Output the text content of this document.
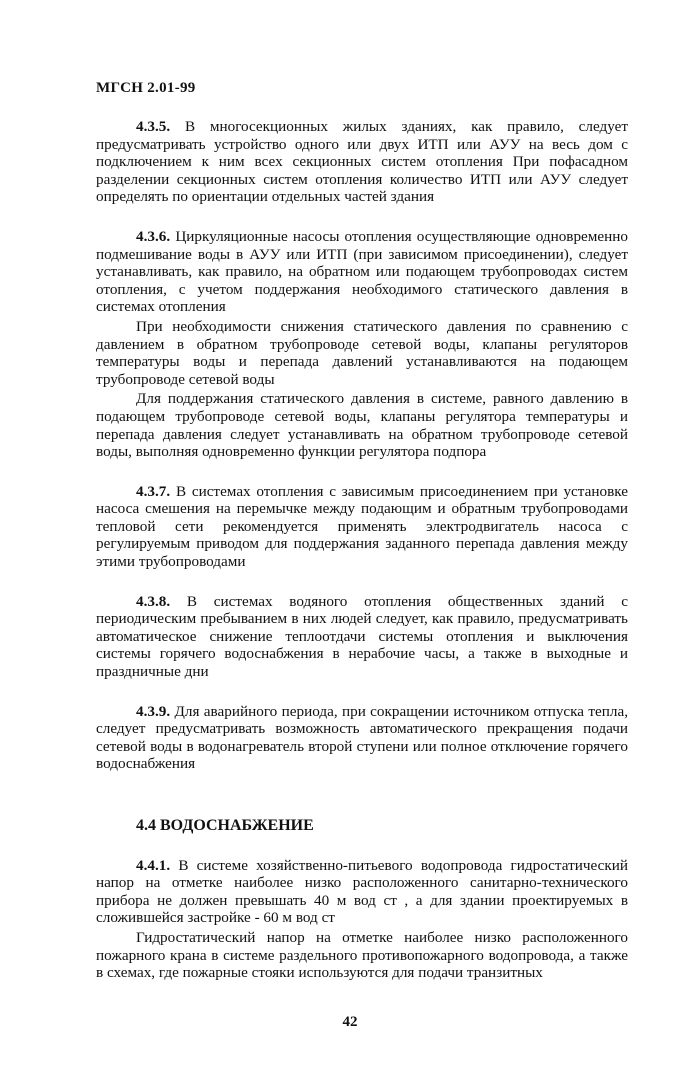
МГСН 2.01-99

4.3.5. В многосекционных жилых зданиях, как правило, следует предусматривать устройство одного или двух ИТП или АУУ на весь дом с подключением к ним всех секционных систем отопления При пофасадном разделении секционных систем отопления количество ИТП или АУУ следует определять по ориентации отдельных частей здания

4.3.6. Циркуляционные насосы отопления осуществляющие одновременно подмешивание воды в АУУ или ИТП (при зависимом присоединении), следует устанавливать, как правило, на обратном или подающем трубопроводах систем отопления, с учетом поддержания необходимого статического давления в системах отопления

При необходимости снижения статического давления по сравнению с давлением в обратном трубопроводе сетевой воды, клапаны регуляторов температуры воды и перепада давлений устанавливаются на подающем трубопроводе сетевой воды

Для поддержания статического давления в системе, равного давлению в подающем трубопроводе сетевой воды, клапаны регулятора температуры и перепада давления следует устанавливать на обратном трубопроводе сетевой воды, выполняя одновременно функции регулятора подпора

4.3.7. В системах отопления с зависимым присоединением при установке насоса смешения на перемычке между подающим и обратным трубопроводами тепловой сети рекомендуется применять электродвигатель насоса с регулируемым приводом для поддержания заданного перепада давления между этими трубопроводами

4.3.8. В системах водяного отопления общественных зданий с периодическим пребыванием в них людей следует, как правило, предусматривать автоматическое снижение теплоотдачи системы отопления и выключения системы горячего водоснабжения в нерабочие часы, а также в выходные и праздничные дни

4.3.9. Для аварийного периода, при сокращении источником отпуска тепла, следует предусматривать возможность автоматического прекращения подачи сетевой воды в водонагреватель второй ступени или полное отключение горячего водоснабжения

4.4 ВОДОСНАБЖЕНИЕ

4.4.1. В системе хозяйственно-питьевого водопровода гидростатический напор на отметке наиболее низко расположенного санитарно-технического прибора не должен превышать 40 м вод ст , а для здании проектируемых в сложившейся застройке - 60 м вод ст

Гидростатический напор на отметке наиболее низко расположенного пожарного крана в системе раздельного противопожарного водопровода, а также в схемах, где пожарные стояки используются для подачи транзитных

42
